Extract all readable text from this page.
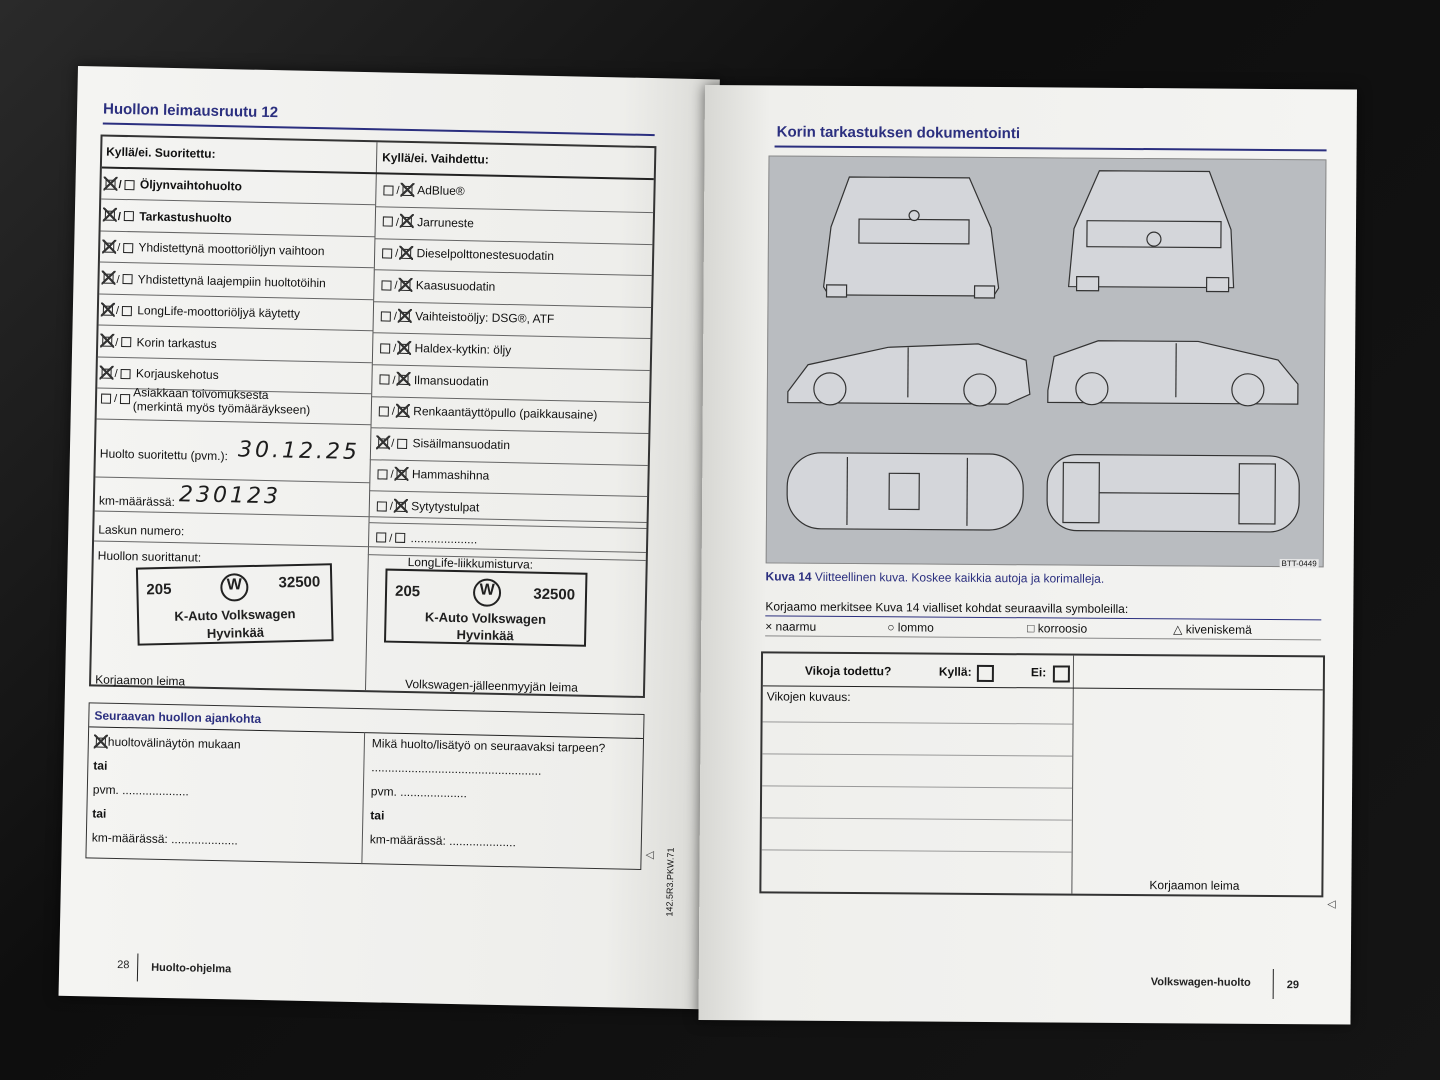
Huollon leimausruutu 12
Kyllä/ei. Suoritettu:	Kyllä/ei. Vaihdettu:
/ Öljynvaihtohuolto
/ Tarkastushuolto
/ Yhdistettynä moottoriöljyn vaihtoon
/ Yhdistettynä laajempiin huoltotöihin
/ LongLife-moottoriöljyä käytetty
/ Korin tarkastus
/ Korjauskehotus
/	Asiakkaan toivomuksesta
(merkintä myös työmääräykseen)
/ AdBlue®
/ Jarruneste
/ Dieselpolttonestesuodatin
/ Kaasusuodatin
/ Vaihteistoöljy: DSG®, ATF
/ Haldex-kytkin: öljy
/ Ilmansuodatin
/ Renkaantäyttöpullo (paikkausaine)
/ Sisäilmansuodatin
/ Hammashihna
/ Sytytystulpat
/ ....................
Huolto suoritettu (pvm.): 30.12.25
km-määrässä: 230123
Laskun numero:
Huollon suorittanut:	LongLife-liikkumisturva:
205 W	32500
K-Auto Volkswagen
Hyvinkää
205 W	32500
K-Auto Volkswagen
Hyvinkää
Korjaamon leima	Volkswagen-jälleenmyyjän leima
Seuraavan huollon ajankohta
huoltovälinäytön mukaan
tai
pvm. ....................
tai
km-määrässä: ....................
Mikä huolto/lisätyö on seuraavaksi tarpeen?
...................................................
pvm. ....................
tai
km-määrässä: ....................
◁
28 Huolto-ohjelma
142.5R3.PKW.71
Korin tarkastuksen dokumentointi
BTT-0449
Kuva 14 Viitteellinen kuva. Koskee kaikkia autoja ja korimalleja.
Korjaamo merkitsee Kuva 14 vialliset kohdat seuraavilla symboleilla:
× naarmu	○ lommo	□ korroosio	△ kiveniskemä
Vikoja todettu?	Kyllä:	Ei:
Vikojen kuvaus:
Korjaamon leima
◁
Volkswagen-huolto	29
